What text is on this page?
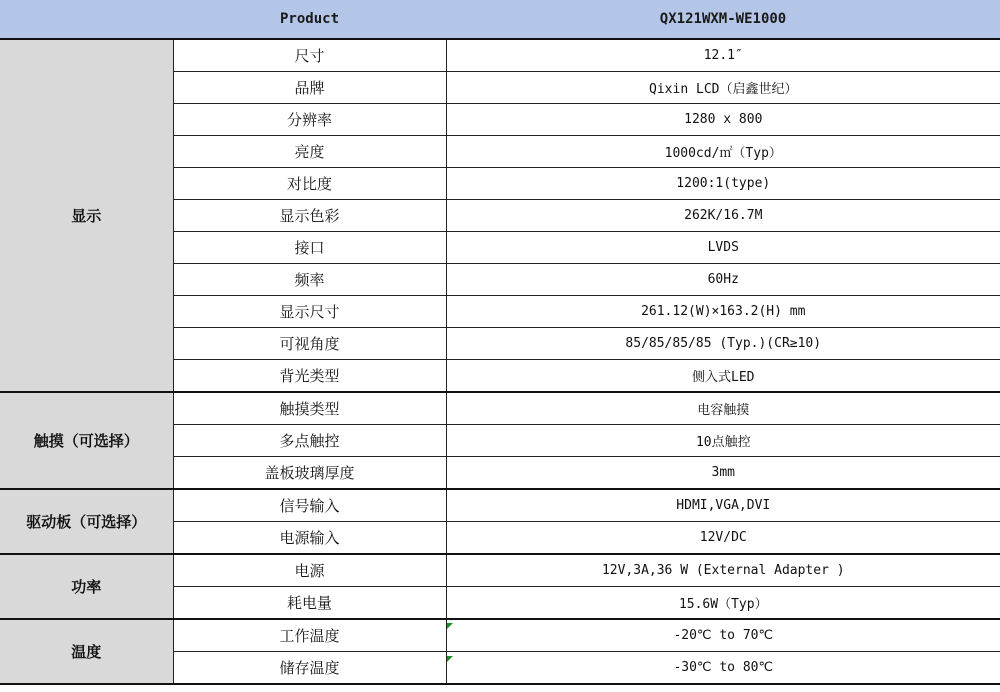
Product		QX121WXM-WE1000
显示	尺寸	12.1″
	品牌	Qixin LCD（启鑫世纪）
	分辨率	1280 x 800
	亮度	1000cd/㎡（Typ）
	对比度	1200:1(type)
	显示色彩	262K/16.7M
	接口	LVDS
	频率	60Hz
	显示尺寸	261.12(W)×163.2(H) mm
	可视角度	85/85/85/85 (Typ.)(CR≥10)
	背光类型	侧入式LED
触摸（可选择）	触摸类型	电容触摸
	多点触控	10点触控
	盖板玻璃厚度	3mm
驱动板（可选择）	信号输入	HDMI,VGA,DVI
	电源输入	12V/DC
功率	电源	12V,3A,36 W (External Adapter )
	耗电量	15.6W（Typ）
温度	工作温度	-20℃ to 70℃
	储存温度	-30℃ to 80℃
